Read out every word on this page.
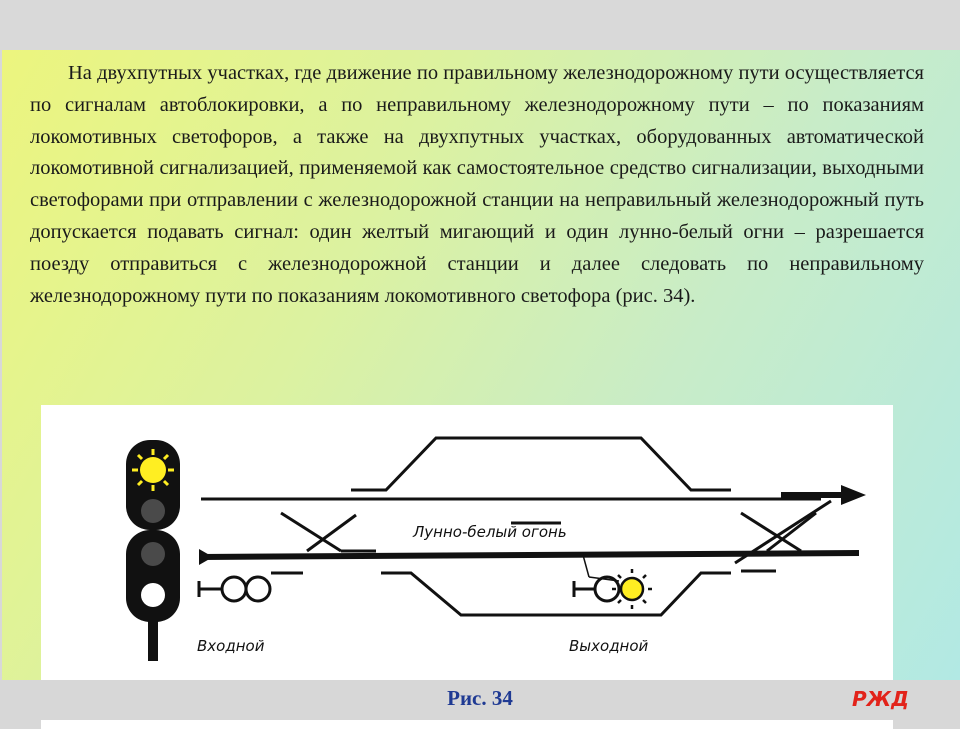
На двухпутных участках, где движение по правильному железнодорожному пути осуществляется по сигналам автоблокировки, а по неправильному железнодорожному пути – по показаниям локомотивных светофоров, а также на двухпутных участках, оборудованных автоматической локомотивной сигнализацией, применяемой как самостоятельное средство сигнализации, выходными светофорами при отправлении с железнодорожной станции на неправильный железнодорожный путь допускается подавать сигнал: один желтый мигающий и один лунно-белый огни – разрешается поезду отправиться с железнодорожной станции и далее следовать по неправильному железнодорожному пути по показаниям локомотивного светофора (рис. 34).

Лунно-белый огонь
Входной	Выходной
Рис. 34	РЖД
